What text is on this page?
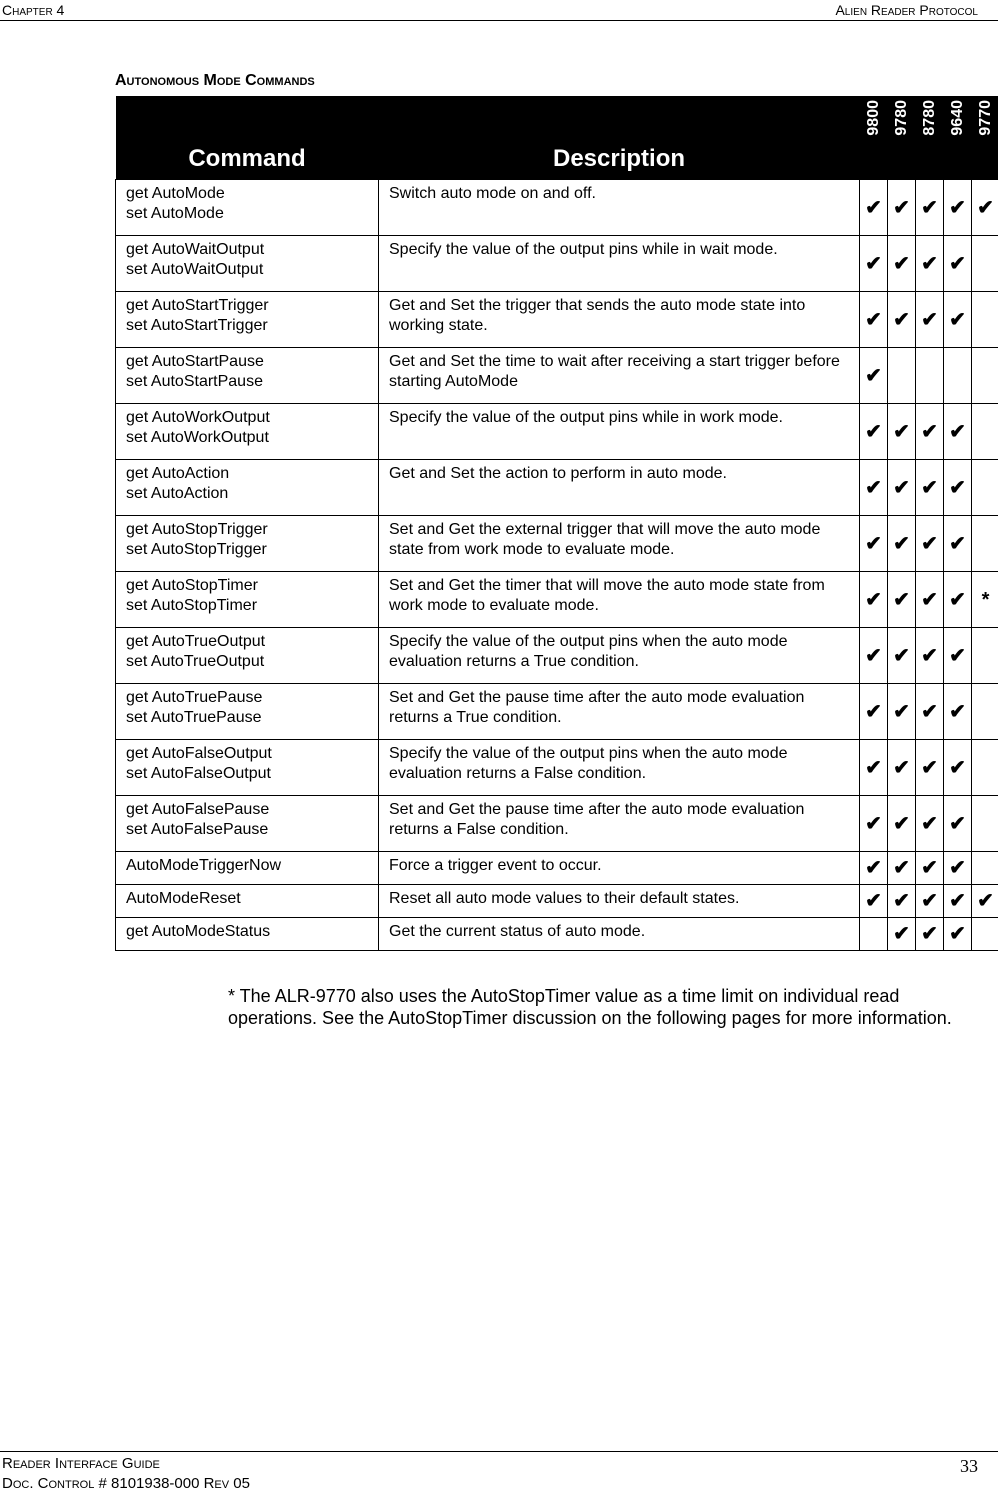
Chapter 4	Alien Reader Protocol
Autonomous Mode Commands
Command	Description	9800	9780	8780	9640	9770

get AutoMode
set AutoMode	Switch auto mode on and off.	✔	✔	✔	✔	✔

get AutoWaitOutput
set AutoWaitOutput	Specify the value of the output pins while in wait mode.	✔	✔	✔	✔	

get AutoStartTrigger
set AutoStartTrigger	Get and Set the trigger that sends the auto mode state into working state.	✔	✔	✔	✔	

get AutoStartPause
set AutoStartPause	Get and Set the time to wait after receiving a start trigger before starting AutoMode	✔				

get AutoWorkOutput
set AutoWorkOutput	Specify the value of the output pins while in work mode.	✔	✔	✔	✔	

get AutoAction
set AutoAction	Get and Set the action to perform in auto mode.	✔	✔	✔	✔	

get AutoStopTrigger
set AutoStopTrigger	Set and Get the external trigger that will move the auto mode state from work mode to evaluate mode.	✔	✔	✔	✔	

get AutoStopTimer
set AutoStopTimer	Set and Get the timer that will move the auto mode state from work mode to evaluate mode.	✔	✔	✔	✔	*

get AutoTrueOutput
set AutoTrueOutput	Specify the value of the output pins when the auto mode evaluation returns a True condition.	✔	✔	✔	✔	

get AutoTruePause
set AutoTruePause	Set and Get the pause time after the auto mode evaluation returns a True condition.	✔	✔	✔	✔	

get AutoFalseOutput
set AutoFalseOutput	Specify the value of the output pins when the auto mode evaluation returns a False condition.	✔	✔	✔	✔	

get AutoFalsePause
set AutoFalsePause	Set and Get the pause time after the auto mode evaluation returns a False condition.	✔	✔	✔	✔	

AutoModeTriggerNow	Force a trigger event to occur.	✔	✔	✔	✔	

AutoModeReset	Reset all auto mode values to their default states.	✔	✔	✔	✔	✔

get AutoModeStatus	Get the current status of auto mode.		✔	✔	✔	
* The ALR-9770 also uses the AutoStopTimer value as a time limit on individual read operations. See the AutoStopTimer discussion on the following pages for more information.
Reader Interface Guide
Doc. Control # 8101938-000 Rev 05
33
